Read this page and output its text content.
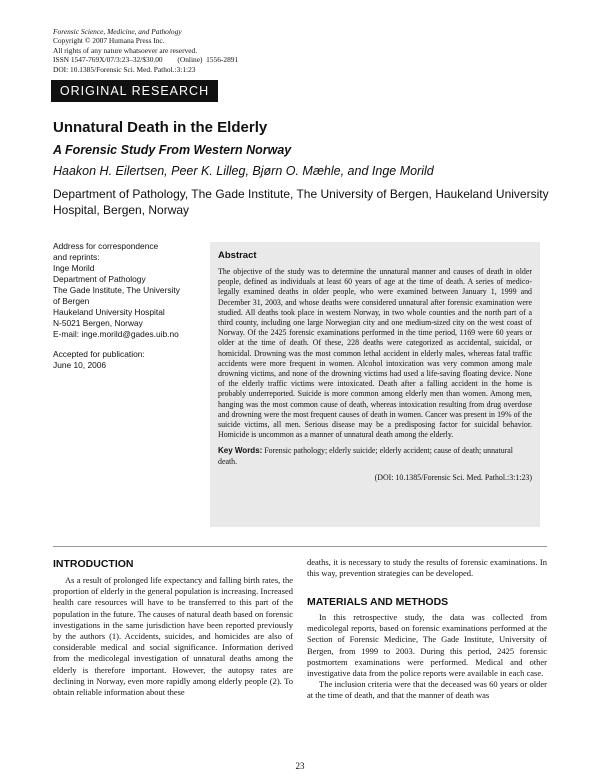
Forensic Science, Medicine, and Pathology
Copyright © 2007 Humana Press Inc.
All rights of any nature whatsoever are reserved.
ISSN 1547-769X/07/3:23–32/$30.00        (Online)  1556-2891
DOI: 10.1385/Forensic Sci. Med. Pathol.:3:1:23
ORIGINAL RESEARCH
Unnatural Death in the Elderly
A Forensic Study From Western Norway
Haakon H. Eilertsen, Peer K. Lilleg, Bjørn O. Mæhle, and Inge Morild
Department of Pathology, The Gade Institute, The University of Bergen, Haukeland University Hospital, Bergen, Norway

Address for correspondence

and reprints:

Inge Morild

Department of Pathology

The Gade Institute, The University

of Bergen

Haukeland University Hospital

N-5021 Bergen, Norway

E-mail: inge.morild@gades.uib.no

Accepted for publication:

June 10, 2006

Abstract
The objective of the study was to determine the unnatural manner and causes of death in older people, defined as individuals at least 60 years of age at the time of death. A series of medico-legally examined deaths in older people, who were examined between January 1, 1999 and December 31, 2003, and whose deaths were considered unnatural after forensic examination were studied. All deaths took place in western Norway, in two whole counties and the north part of a third county, including one large Norwegian city and one medium-sized city on the west coast of Norway. Of the 2425 forensic examinations performed in the time period, 1169 were 60 years or older at the time of death. Of these, 228 deaths were categorized as accidental, suicidal, or homicidal. Drowning was the most common lethal accident in elderly males, whereas fatal traffic accidents were more frequent in women. Alcohol intoxication was very common among male drowning victims, and none of the drowning victims had used a life-saving floating device. None of the elderly traffic victims were intoxicated. Death after a falling accident in the home is probably underreported. Suicide is more common among elderly men than women. Among men, hanging was the most common cause of death, whereas intoxication resulting from drug overdose and drowning were the most frequent causes of death in women. Cancer was present in 19% of the suicide victims, all men. Serious disease may be a predisposing factor for suicidal behavior. Homicide is uncommon as a manner of unnatural death among the elderly.
Key Words: Forensic pathology; elderly suicide; elderly accident; cause of death; unnatural death.
(DOI: 10.1385/Forensic Sci. Med. Pathol.:3:1:23)
INTRODUCTION

As a result of prolonged life expectancy and falling birth rates, the proportion of elderly in the general population is increasing. Increased health care resources will have to be transferred to this part of the population in the future. The causes of natural death based on forensic investigations in the same jurisdiction have been reported previously by the authors (1). Accidents, suicides, and homicides are also of considerable medical and social significance. Information derived from the medicolegal investigation of unnatural deaths among the elderly is therefore important. However, the autopsy rates are declining in Norway, even more rapidly among elderly people (2). To obtain reliable information about these

deaths, it is necessary to study the results of forensic examinations. In this way, prevention strategies can be developed.

MATERIALS AND METHODS

In this retrospective study, the data was collected from medicolegal reports, based on forensic examinations performed at the Section of Forensic Medicine, The Gade Institute, University of Bergen, from 1999 to 2003. During this period, 2425 forensic postmortem examinations were performed. Medical and other investigative data from the police reports were available in each case.

The inclusion criteria were that the deceased was 60 years or older at the time of death, and that the manner of death was

23
